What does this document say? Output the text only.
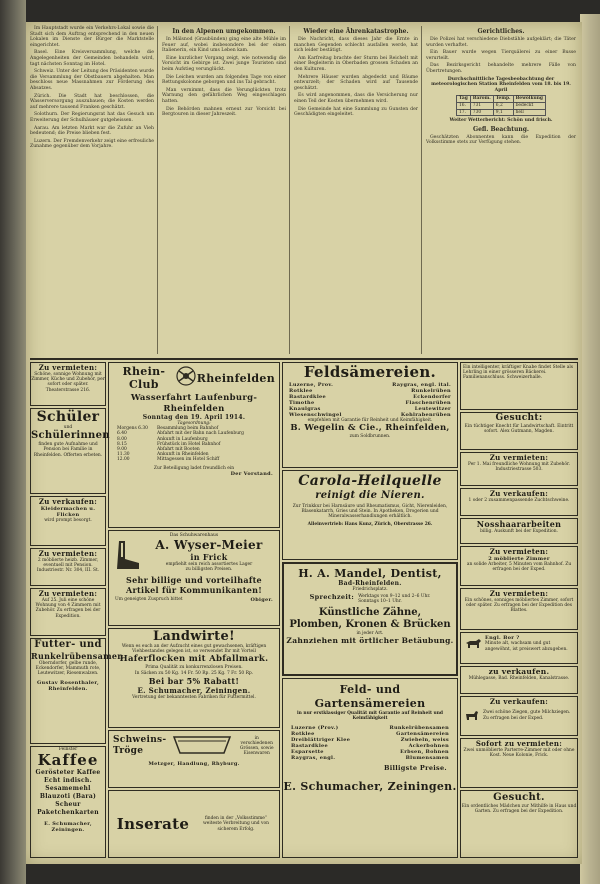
Im Hauptstadt wurde ein Verkehrs-Lokal sowie die Stadt sich dem Auftrag entsprechend in den neuen Lokalen im Dienste der Bürger die Marktstelle eingerichtet.

Basel. Eine Kreisversammlung, welche die Angelegenheiten der Gemeinden behandeln wird, tagt nächsten Sonntag im Hotel.

Schweiz. Unter der Leitung des Präsidenten wurde die Versammlung der Obstbauern abgehalten. Man beschloss neue Massnahmen zur Förderung des Absatzes.

Zürich. Die Stadt hat beschlossen, die Wasserversorgung auszubauen; die Kosten werden auf mehrere tausend Franken geschätzt.

Solothurn. Der Regierungsrat hat das Gesuch um Erweiterung der Schulhäuser gutgeheissen.

Aarau. Am letzten Markt war die Zufuhr an Vieh bedeutend; die Preise blieben fest.

Luzern. Der Fremdenverkehr zeigt eine erfreuliche Zunahme gegenüber dem Vorjahre.

In den Alpenen umgekommen.

In Mälsnod (Graubünden) ging eine alte Mühle im Feuer auf, wobei insbesondere bei der einen Italienerin, ein Kind ums Leben kam.

Eine kurzlicher Vorgang zeigt, wie notwendig die Vorsicht im Gebirge ist. Zwei junge Touristen sind beim Aufstieg verunglückt.

Die Leichen wurden am folgenden Tage von einer Rettungskolonne geborgen und ins Tal gebracht.

Man vernimmt, dass die Verunglückten trotz Warnung den gefährlichen Weg eingeschlagen hatten.

Die Behörden mahnen erneut zur Vorsicht bei Bergtouren in dieser Jahreszeit.

Wieder eine Ährenkatastrophe.

Die Nachricht, dass dieses Jahr die Ernte in manchen Gegenden schlecht ausfallen werde, hat sich leider bestätigt.

Am Karfreitag brachte der Sturm bei Reichelt mit einer Begleiterin in Oberbaden grossen Schaden an den Kulturen.

Mehrere Häuser wurden abgedeckt und Bäume entwurzelt; der Schaden wird auf Tausende geschätzt.

Es wird angenommen, dass die Versicherung nur einen Teil der Kosten übernehmen wird.

Die Gemeinde hat eine Sammlung zu Gunsten der Geschädigten eingeleitet.

Gerichtliches.

Die Polizei hat verschiedene Diebstähle aufgeklärt; die Täter wurden verhaftet.

Ein Bauer wurde wegen Tierquälerei zu einer Busse verurteilt.

Das Bezirksgericht behandelte mehrere Fälle von Übertretungen.

Durchschnittliche Tagesbeobachtung der meteorologischen Station Rheinfelden vom 18. bis 19. April

Tag	Barom.	Temp.	Bewölkung
16.	731	6,2	bedeckt
17.	730	9,1	hell

Weiter Wetterbericht: Schön und frisch.

Gefl. Beachtung.

Geschätzten Abonnenten kann die Expedition der Volksstimme stets zur Verfügung stehen.

Zu vermieten:
Schöne, sonnige Wohnung mit Zimmer, Küche und Zubehör, per sofort oder später. Theaterstrasse 216.
Schüler
und
Schülerinnen
finden gute Aufnahme und Pension bei Familie in Rheinfelden. Offerten erbeten.
Zu verkaufen:
Kleidermachen u. Flicken
wird prompt besorgt.
Zu vermieten:
2 möblierte heizb. Zimmer, eventuell mit Pension. Industriestr. Nr. 304, III. St.
Zu vermieten:
Auf 25. Juli eine schöne Wohnung von 4 Zimmern mit Zubehör. Zu erfragen bei der Expedition.
Futter- und
Runkelrübensamen
Oberndorfer, gelbe runde, Eckendorfer, Mammuth rote, Leutewitzer, Riesenwalzen.
Gustav Rosenthaler, Rheinfelden.
Feinster
Kaffee
Gerösteter Kaffee
Echt indisch. Sesamemehl
Blauzoti (Bara)
Scheur Paketchenkarten
E. Schumacher, Zeiningen.
Rhein-Club	Rheinfelden
Wasserfahrt Laufenburg-Rheinfelden
Sonntag den 19. April 1914.
Tagesordnung:
Morgens 6.30 Besammlung beim Bahnhof
6.40	Abfahrt mit der Bahn nach Laufenburg
8.00	Ankunft in Laufenburg
8.15	Frühstück im Hotel Bahnhof
9.00	Abfahrt mit Booten
11.30	Ankunft in Rheinfelden
12.00	Mittagessen im Hotel Schiff
Zur Beteiligung ladet freundlich ein
Der Vorstand.
Das Schuhwarenhaus
A. Wyser-Meier
in Frick
empfiehlt sein reich assortiertes Lager
zu billigsten Preisen.
Sehr billige und vorteilhafte Artikel für Kommunikanten!
Um geneigten Zuspruch bittet	Obiger.
Landwirte!
Wenn es euch an der Aufzucht eines gut gewachsenen, kräftigen Viehbestandes gelegen ist, so verwendet Ihr mit Vorteil
Haferflocken mit Abfallmark.
Prima Qualität zu konkurrenzlosen Preisen.
In Säcken zu 50 Kg. 14 Fr. 50 Rp. 25 Kg. 7 Fr. 50 Rp.
Bei bar 5% Rabatt!
E. Schumacher, Zeiningen.
Vertretung der bekanntesten Fabriken für Futtermittel.
Schweins-
Tröge
in verschiedenen Grössen, sowie Eisenwaren
Metzger, Handlung, Rhyburg.
Inserate	finden in der „Volksstimme“ weiteste Verbreitung und von sicherem Erfolg.
Feldsämereien.
Luzerne, Prov.
Rotklee
Bastardklee
Timothe
Knaulgras
Wiesenschwingel
Raygras, engl. ital.
Runkelrüben
Eckendorfer
Flaschenrüben
Leutewitzer
Kohlrabenrüben
empfehlen mit Garantie für Reinheit und Keimfähigkeit.
B. Wegelin & Cie., Rheinfelden,
zum Soldbrunnen.
Carola-Heilquelle
reinigt die Nieren.
Zur Trinkkur bei Harnsäure und Rheumatismus, Gicht, Nierenleiden, Blasenkatarrh, Gries und Stein. In Apotheken, Drogerien und Mineralwasserhandlungen erhältlich.
Alleinvertrieb: Hans Kunz, Zürich, Oberstrasse 26.
H. A. Mandel, Dentist,
Bad-Rheinfelden.
Friedrichsplatz.
Sprechzeit: Werktags von 9–12 und 2–6 Uhr.
Sonntags 10–1 Uhr.
Künstliche Zähne,
Plomben, Kronen & Brücken
in jeder Art.
Zahnziehen mit örtlicher Betäubung.
Feld- und Gartensämereien
in nur erstklassiger Qualität mit Garantie auf Reinheit und Keimfähigkeit
Luzerne (Prov.)
Rotklee
Dreiblättriger Klee
Bastardklee
Esparsette
Raygras, engl.
Runkelrübensamen
Gartensämereien
Zwiebeln, weiss
Ackerbohnen
Erbsen, Bohnen
Blumensamen
Billigste Preise.
E. Schumacher, Zeiningen.
Ein intelligenter, kräftiger Knabe findet Stelle als Lehrling in einer grösseren Bäckerei. Familienanschluss. Schweizerhalle.
Gesucht:
Ein tüchtiger Knecht für Landwirtschaft. Eintritt sofort. Alex Gutmann, Magden.
Zu vermieten:
Per 1. Mai freundliche Wohnung mit Zubehör. Industriestrasse 503.
Zu verkaufen:
1 oder 2 zusammenpassende Zuchtschweine.
Nosshaararbeiten
billig. Auskunft bei der Expedition.
Zu vermieten:
2 möblierte Zimmer
an solide Arbeiter, 5 Minuten vom Bahnhof. Zu erfragen bei der Exped.
Zu vermieten:
Ein schönes, sonniges möbliertes Zimmer, sofort oder später. Zu erfragen bei der Expedition des Blattes.
Engl. Bor ?
Minute alt, wachsam und gut angewöhnt, ist preiswert abzugeben.
zu verkaufen.
Mühlegasse, Bad. Rheinfelden, Kanalstrasse.
Zu verkaufen:
Zwei schöne Ziegen, gute Milchziegen. Zu erfragen bei der Exped.
Sofort zu vermieten:
Zwei unmöblierte Parterre-Zimmer mit oder ohne Kost. Neue Kolonie, Frick.
Gesucht.
Ein ordentliches Mädchen zur Mithilfe in Haus und Garten. Zu erfragen bei der Expedition.
